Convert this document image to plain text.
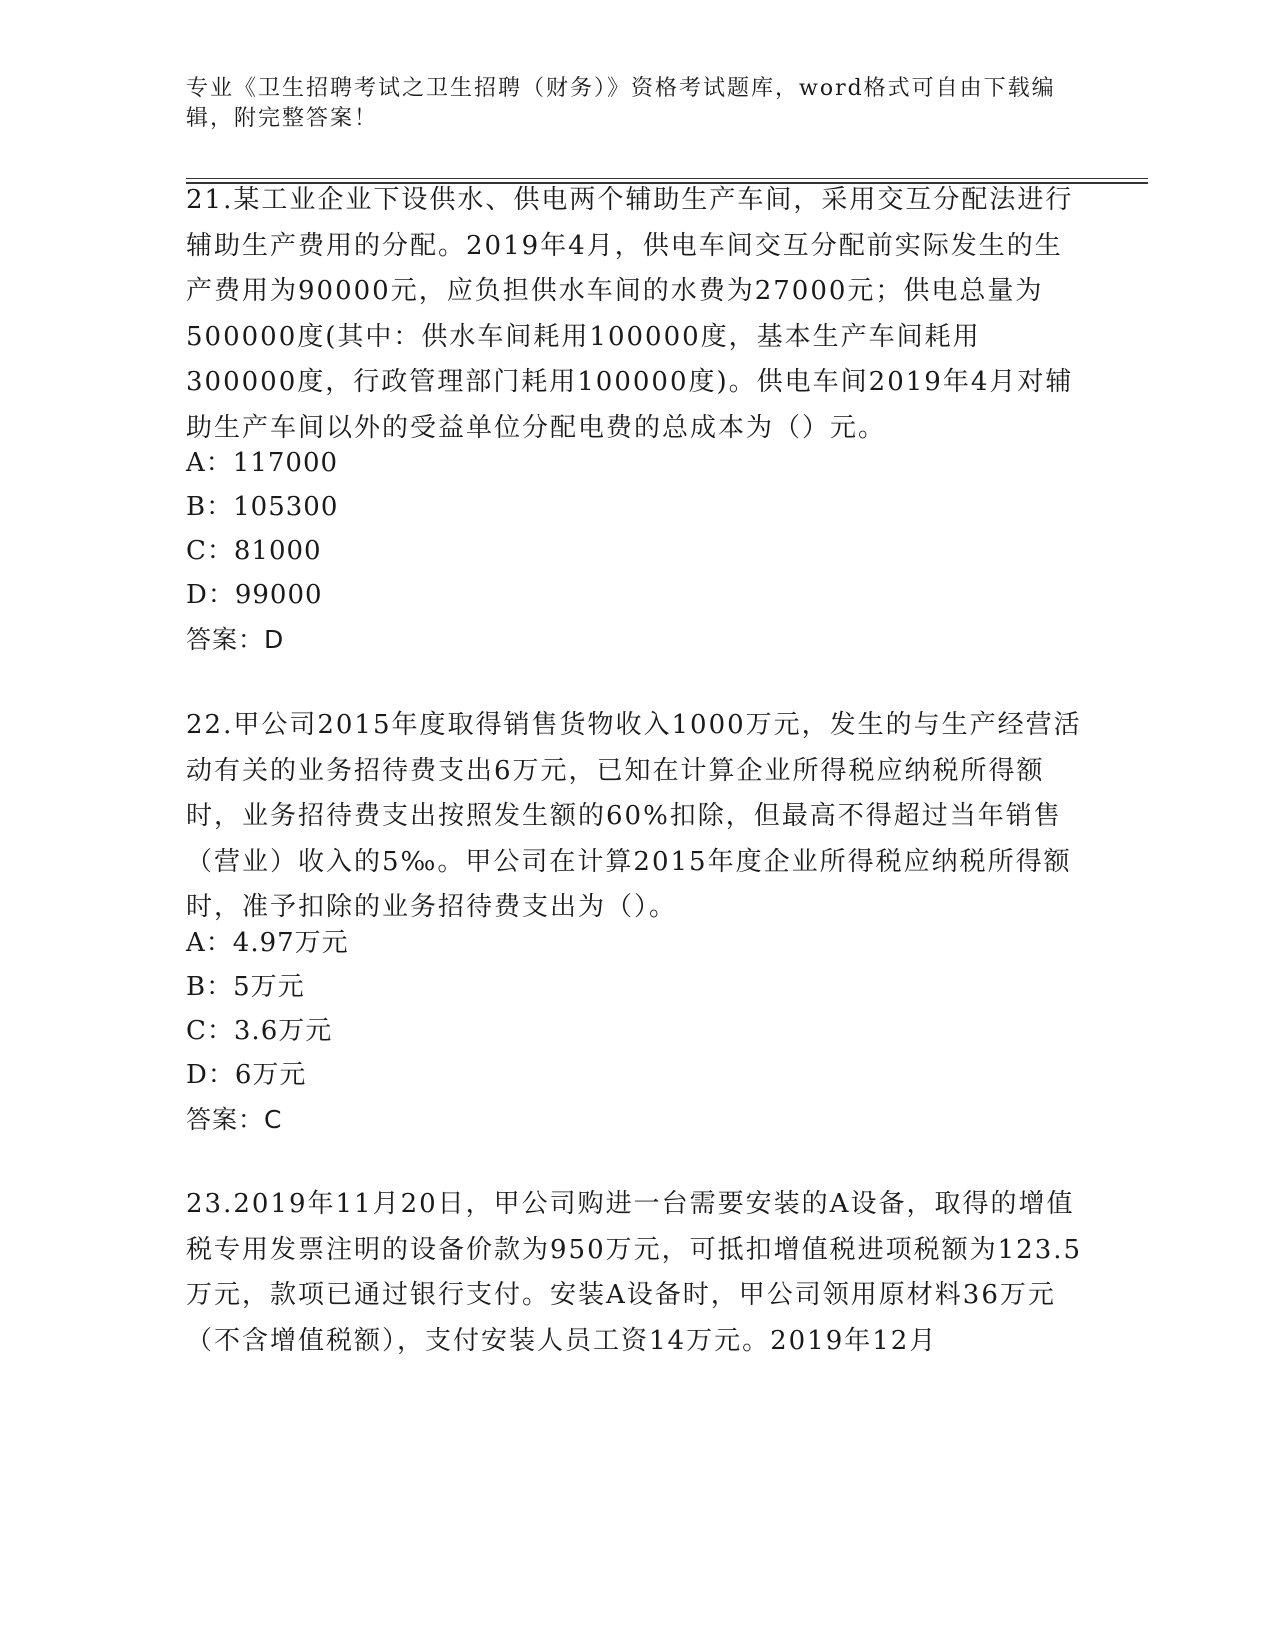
专业《卫生招聘考试之卫生招聘（财务）》资格考试题库，word格式可自由下载编辑，附完整答案！
21.某工业企业下设供水、供电两个辅助生产车间，采用交互分配法进行辅助生产费用的分配。2019年4月，供电车间交互分配前实际发生的生产费用为90000元，应负担供水车间的水费为27000元；供电总量为500000度(其中：供水车间耗用100000度，基本生产车间耗用300000度，行政管理部门耗用100000度)。供电车间2019年4月对辅助生产车间以外的受益单位分配电费的总成本为（）元。
A：117000
B：105300
C：81000
D：99000
答案：D
22.甲公司2015年度取得销售货物收入1000万元，发生的与生产经营活动有关的业务招待费支出6万元，已知在计算企业所得税应纳税所得额时，业务招待费支出按照发生额的60%扣除，但最高不得超过当年销售（营业）收入的5‰。甲公司在计算2015年度企业所得税应纳税所得额时，准予扣除的业务招待费支出为（）。
A：4.97万元
B：5万元
C：3.6万元
D：6万元
答案：C
23.2019年11月20日，甲公司购进一台需要安装的A设备，取得的增值税专用发票注明的设备价款为950万元，可抵扣增值税进项税额为123.5万元，款项已通过银行支付。安装A设备时，甲公司领用原材料36万元（不含增值税额），支付安装人员工资14万元。2019年12月
